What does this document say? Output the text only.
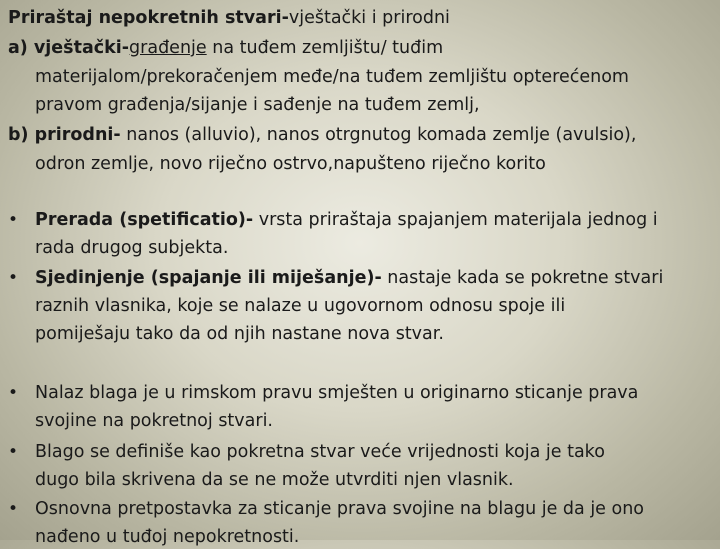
Priraštaj nepokretnih stvari-vještački i prirodni
a) vještački-građenje na tuđem zemljištu/ tuđim
materijalom/prekoračenjem međe/na tuđem zemljištu opterećenom
pravom građenja/sijanje i sađenje na tuđem zemlj,
b) prirodni- nanos (alluvio), nanos otrgnutog komada zemlje (avulsio),
odron zemlje, novo riječno ostrvo,napušteno riječno korito
• Prerada (spetificatio)- vrsta priraštaja spajanjem materijala jednog i
rada drugog subjekta.
• Sjedinjenje (spajanje ili miješanje)- nastaje kada se pokretne stvari
raznih vlasnika, koje se nalaze u ugovornom odnosu spoje ili
pomiješaju tako da od njih nastane nova stvar.
• Nalaz blaga je u rimskom pravu smješten u originarno sticanje prava
svojine na pokretnoj stvari.
• Blago se definiše kao pokretna stvar veće vrijednosti koja je tako
dugo bila skrivena da se ne može utvrditi njen vlasnik.
• Osnovna pretpostavka za sticanje prava svojine na blagu je da je ono
nađeno u tuđoj nepokretnosti.
